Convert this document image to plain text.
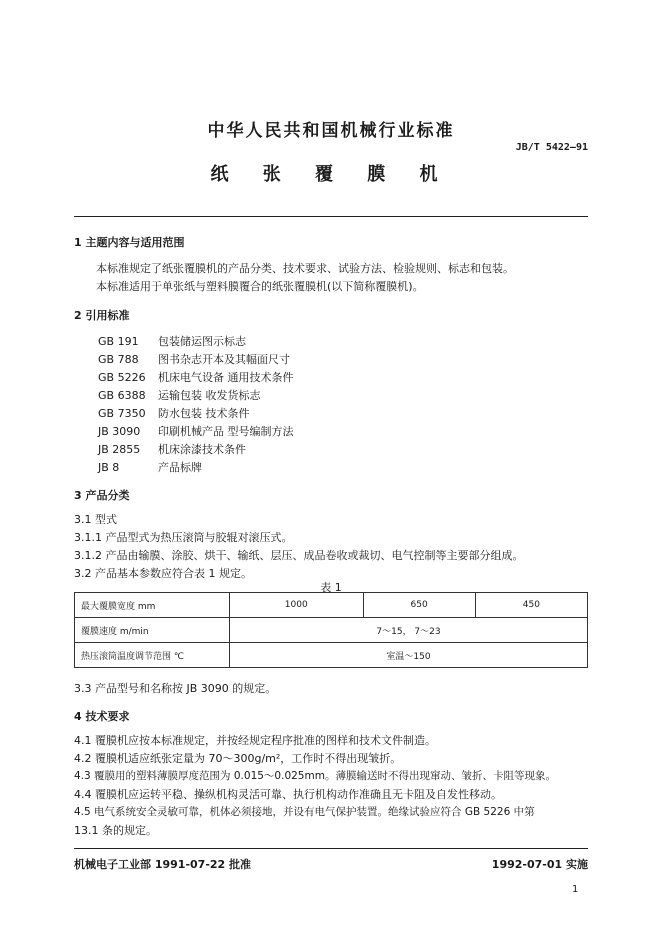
中华人民共和国机械行业标准
JB/T 5422—91
纸 张 覆 膜 机
1 主题内容与适用范围
本标准规定了纸张覆膜机的产品分类、技术要求、试验方法、检验规则、标志和包装。
本标准适用于单张纸与塑料膜覆合的纸张覆膜机(以下简称覆膜机)。
2 引用标准
GB 191 包装储运图示标志
GB 788 图书杂志开本及其幅面尺寸
GB 5226 机床电气设备 通用技术条件
GB 6388 运输包装 收发货标志
GB 7350 防水包装 技术条件
JB 3090 印刷机械产品 型号编制方法
JB 2855 机床涂漆技术条件
JB 8	产品标牌
3 产品分类
3.1 型式
3.1.1 产品型式为热压滚筒与胶辊对滚压式。
3.1.2 产品由输膜、涂胶、烘干、输纸、层压、成品卷收或裁切、电气控制等主要部分组成。
3.2 产品基本参数应符合表 1 规定。
表 1
最大覆膜宽度 mm	1000	650	450
覆膜速度 m/min	7～15， 7～23		
热压滚筒温度调节范围 ℃	室温～150		
3.3 产品型号和名称按 JB 3090 的规定。
4 技术要求
4.1 覆膜机应按本标准规定，并按经规定程序批准的图样和技术文件制造。
4.2 覆膜机适应纸张定量为 70～300g/m²，工作时不得出现皱折。
4.3 覆膜用的塑料薄膜厚度范围为 0.015～0.025mm。薄膜输送时不得出现窜动、皱折、卡阻等现象。
4.4 覆膜机应运转平稳、操纵机构灵活可靠、执行机构动作准确且无卡阻及自发性移动。
4.5 电气系统安全灵敏可靠，机体必须接地，并设有电气保护装置。绝缘试验应符合 GB 5226 中第
13.1 条的规定。
机械电子工业部 1991-07-22 批准	1992-07-01 实施
1
